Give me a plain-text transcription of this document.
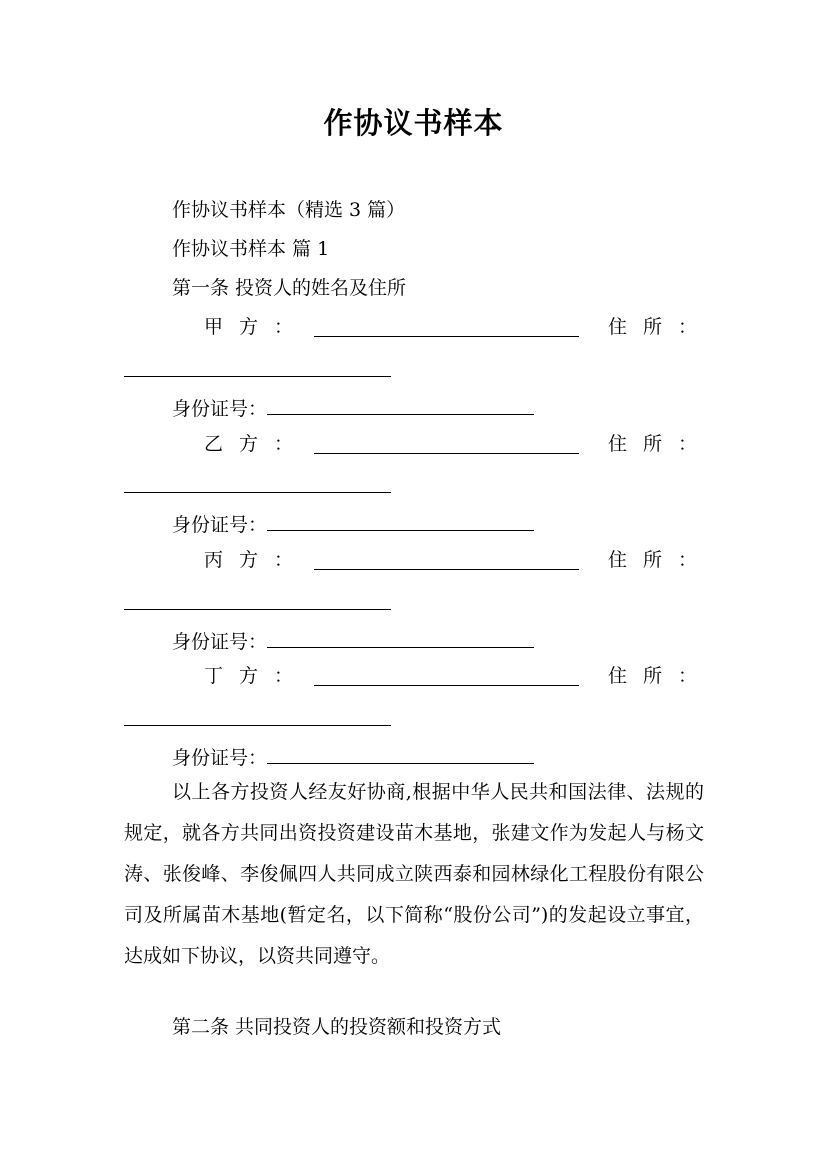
作协议书样本
作协议书样本（精选 3 篇）
作协议书样本 篇 1
第一条 投资人的姓名及住所
甲方：	住所：
身份证号：
乙方：	住所：
身份证号：
丙方：	住所：
身份证号：
丁方：	住所：
身份证号：
以上各方投资人经友好协商,根据中华人民共和国法律、法规的规定，就各方共同出资投资建设苗木基地，张建文作为发起人与杨文涛、张俊峰、李俊佩四人共同成立陕西泰和园林绿化工程股份有限公司及所属苗木基地(暂定名，以下简称“股份公司”)的发起设立事宜，达成如下协议，以资共同遵守。
第二条 共同投资人的投资额和投资方式
